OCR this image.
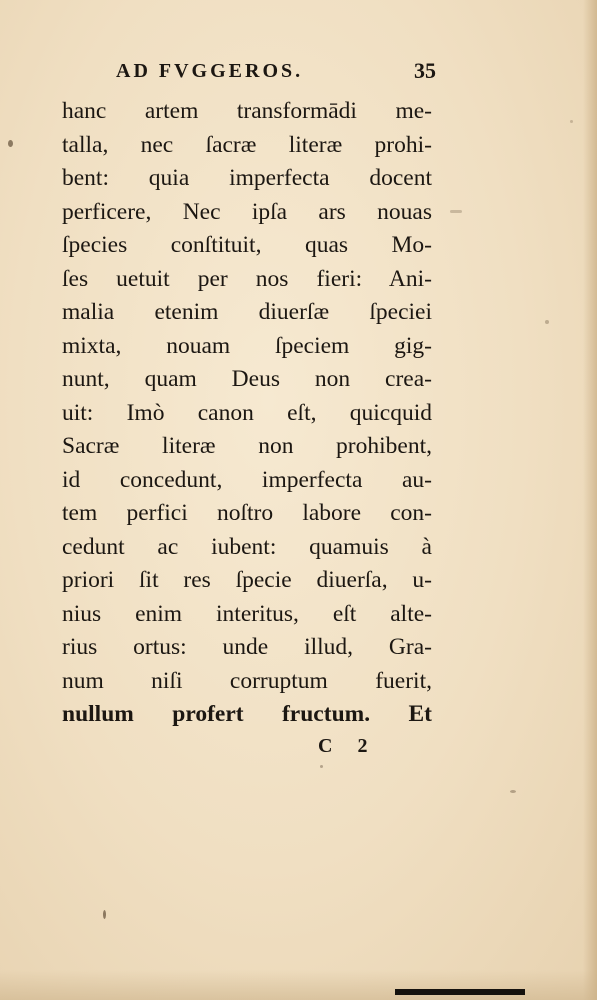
AD FVGGEROS.	35
hanc artem transformādi me-
talla, nec ſacræ literæ prohi-
bent: quia imperfecta docent
perficere, Nec ipſa ars nouas
ſpecies conſtituit, quas Mo-
ſes uetuit per nos fieri: Ani-
malia etenim diuerſæ ſpeciei
mixta, nouam ſpeciem gig-
nunt, quam Deus non crea-
uit: Imò canon eſt, quicquid
Sacræ literæ non prohibent,
id concedunt, imperfecta au-
tem perfici noſtro labore con-
cedunt ac iubent: quamuis à
priori ſit res ſpecie diuerſa, u-
nius enim interitus, eſt alte-
rius ortus: unde illud, Gra-
num niſi corruptum fuerit,
nullum profert fructum. Et
C 2
